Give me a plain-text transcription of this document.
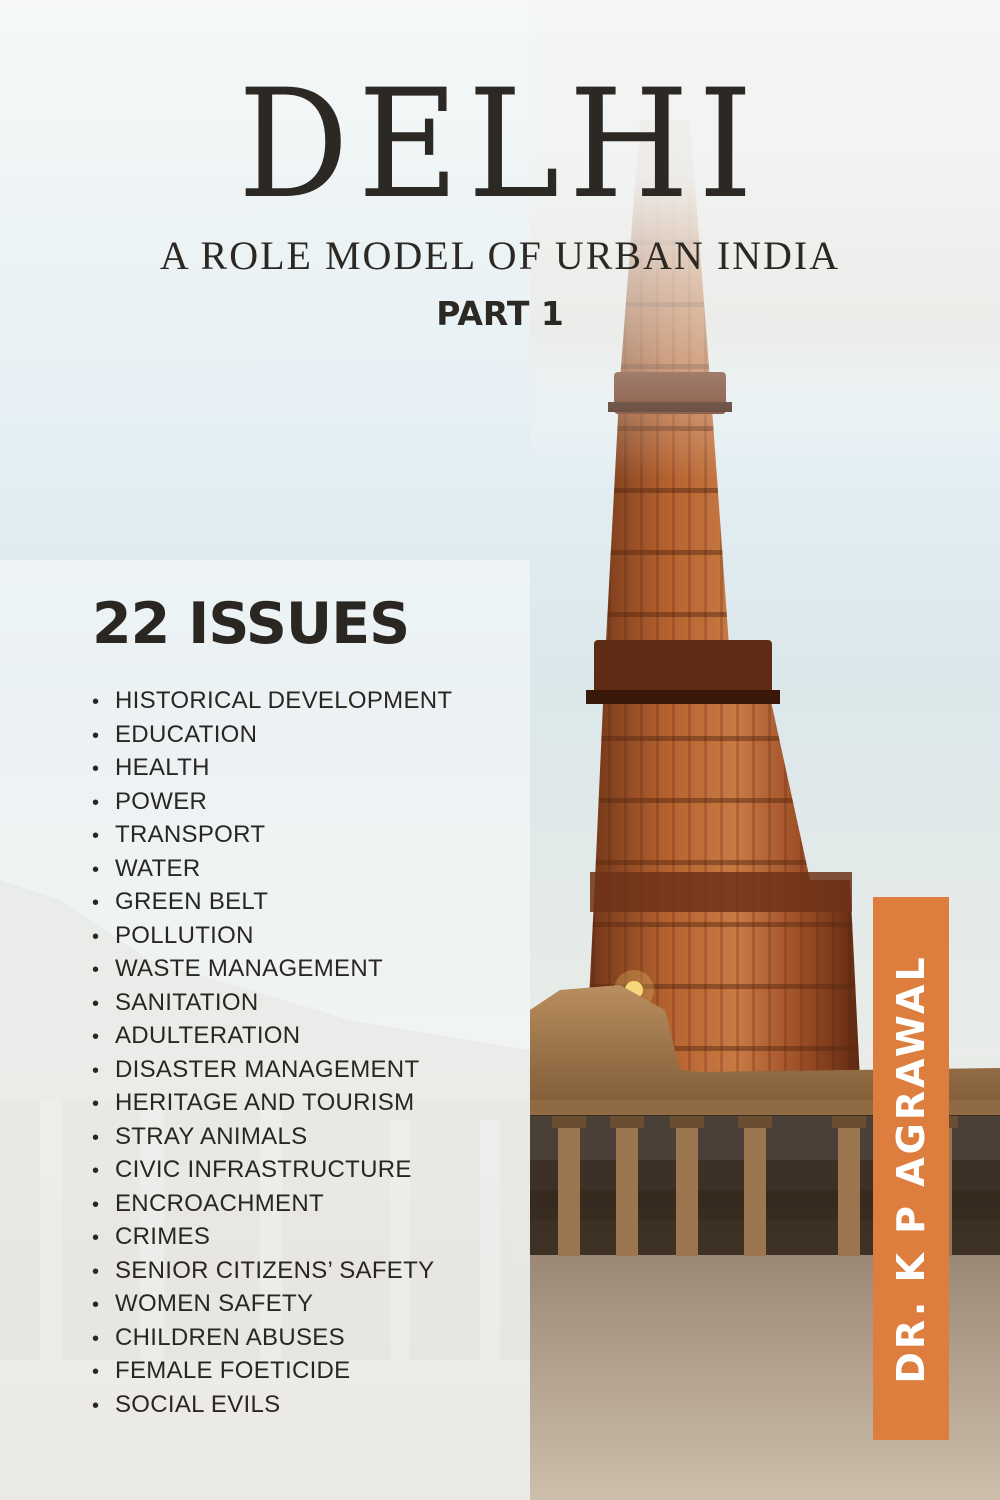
DELHI
A ROLE MODEL OF URBAN INDIA
PART 1
22 ISSUES
• HISTORICAL DEVELOPMENT
• EDUCATION
• HEALTH
• POWER
• TRANSPORT
• WATER
• GREEN BELT
• POLLUTION
• WASTE MANAGEMENT
• SANITATION
• ADULTERATION
• DISASTER MANAGEMENT
• HERITAGE AND TOURISM
• STRAY ANIMALS
• CIVIC INFRASTRUCTURE
• ENCROACHMENT
• CRIMES
• SENIOR CITIZENS’ SAFETY
• WOMEN SAFETY
• CHILDREN ABUSES
• FEMALE FOETICIDE
• SOCIAL EVILS
DR. K P AGRAWAL
